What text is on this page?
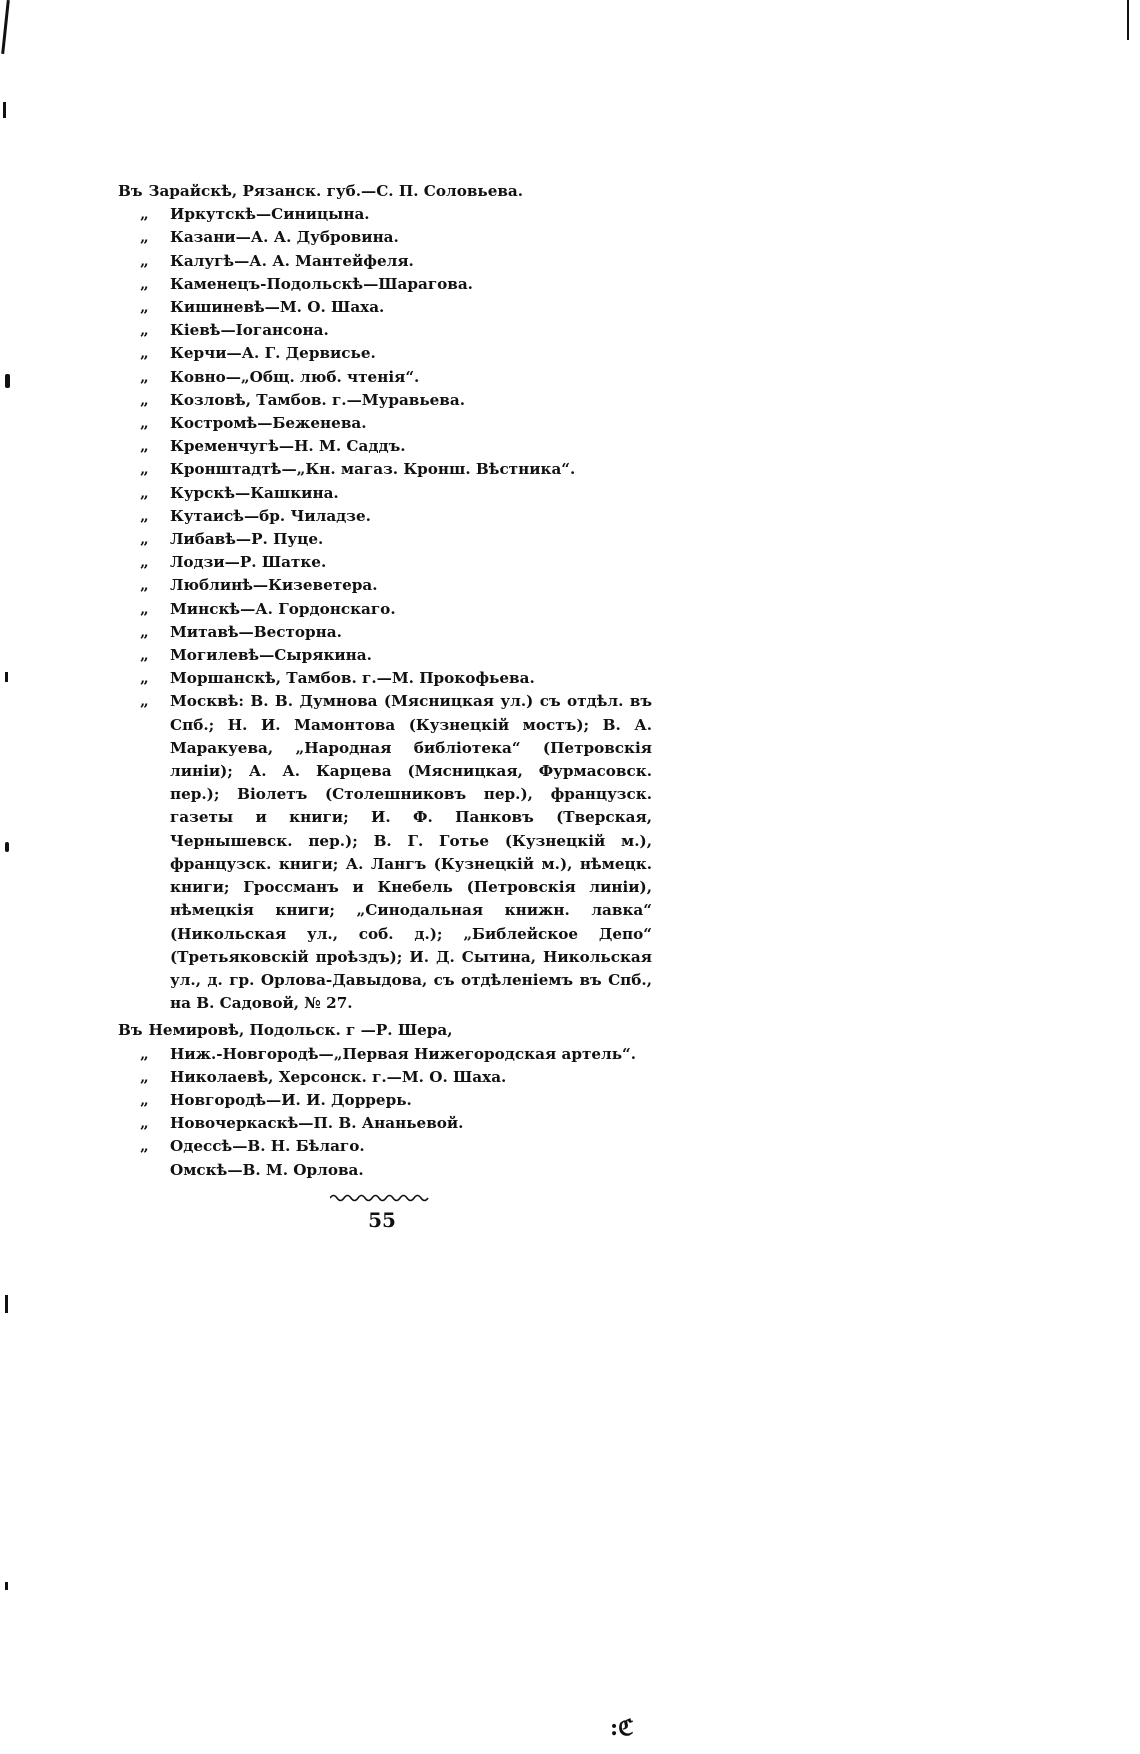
Въ Зарайскѣ, Рязанск. губ.—С. П. Соловьева.
„	Иркутскѣ—Синицына.
„	Казани—А. А. Дубровина.
„	Калугѣ—А. А. Мантейфеля.
„	Каменецъ-Подольскѣ—Шарагова.
„	Кишиневѣ—М. О. Шаха.
„	Кіевѣ—Іогансона.
„	Керчи—А. Г. Дервисье.
„	Ковно—„Общ. люб. чтенія“.
„	Козловѣ, Тамбов. г.—Муравьева.
„	Костромѣ—Беженева.
„	Кременчугѣ—Н. М. Саддъ.
„	Кронштадтѣ—„Кн. магаз. Кронш. Вѣстника“.
„	Курскѣ—Кашкина.
„	Кутаисѣ—бр. Чиладзе.
„	Либавѣ—Р. Пуце.
„	Лодзи—Р. Шатке.
„	Люблинѣ—Кизеветера.
„	Минскѣ—А. Гордонскаго.
„	Митавѣ—Весторна.
„	Могилевѣ—Сырякина.
„	Моршанскѣ, Тамбов. г.—М. Прокофьева.
„	Москвѣ: В. В. Думнова (Мясницкая ул.) съ отдѣл. въ Спб.; Н. И. Мамонтова (Кузнецкій мостъ); В. А. Маракуева, „Народная библіотека“ (Петровскія линіи); А. А. Карцева (Мясницкая, Фурмасовск. пер.); Віолетъ (Столешниковъ пер.), французск. газеты и книги; И. Ф. Панковъ (Тверская, Чернышевск. пер.); В. Г. Готье (Кузнецкій м.), французск. книги; А. Лангъ (Кузнецкій м.), нѣмецк. книги; Гроссманъ и Кнебель (Петровскія линіи), нѣмецкія книги; „Синодальная книжн. лавка“ (Никольская ул., соб. д.); „Библейское Депо“ (Третьяковскій проѣздъ); И. Д. Сытина, Никольская ул., д. гр. Орлова-Давыдова, съ отдѣленіемъ въ Спб., на В. Садовой, № 27.
Въ Немировѣ, Подольск. г —Р. Шера,
„	Ниж.-Новгородѣ—„Первая Нижегородская артель“.
„	Николаевѣ, Херсонск. г.—М. О. Шаха.
„	Новгородѣ—И. И. Доррерь.
„	Новочеркаскѣ—П. В. Ананьевой.
„	Одессѣ—В. Н. Бѣлаго.
Омскѣ—В. М. Орлова.
55
:ℭ
